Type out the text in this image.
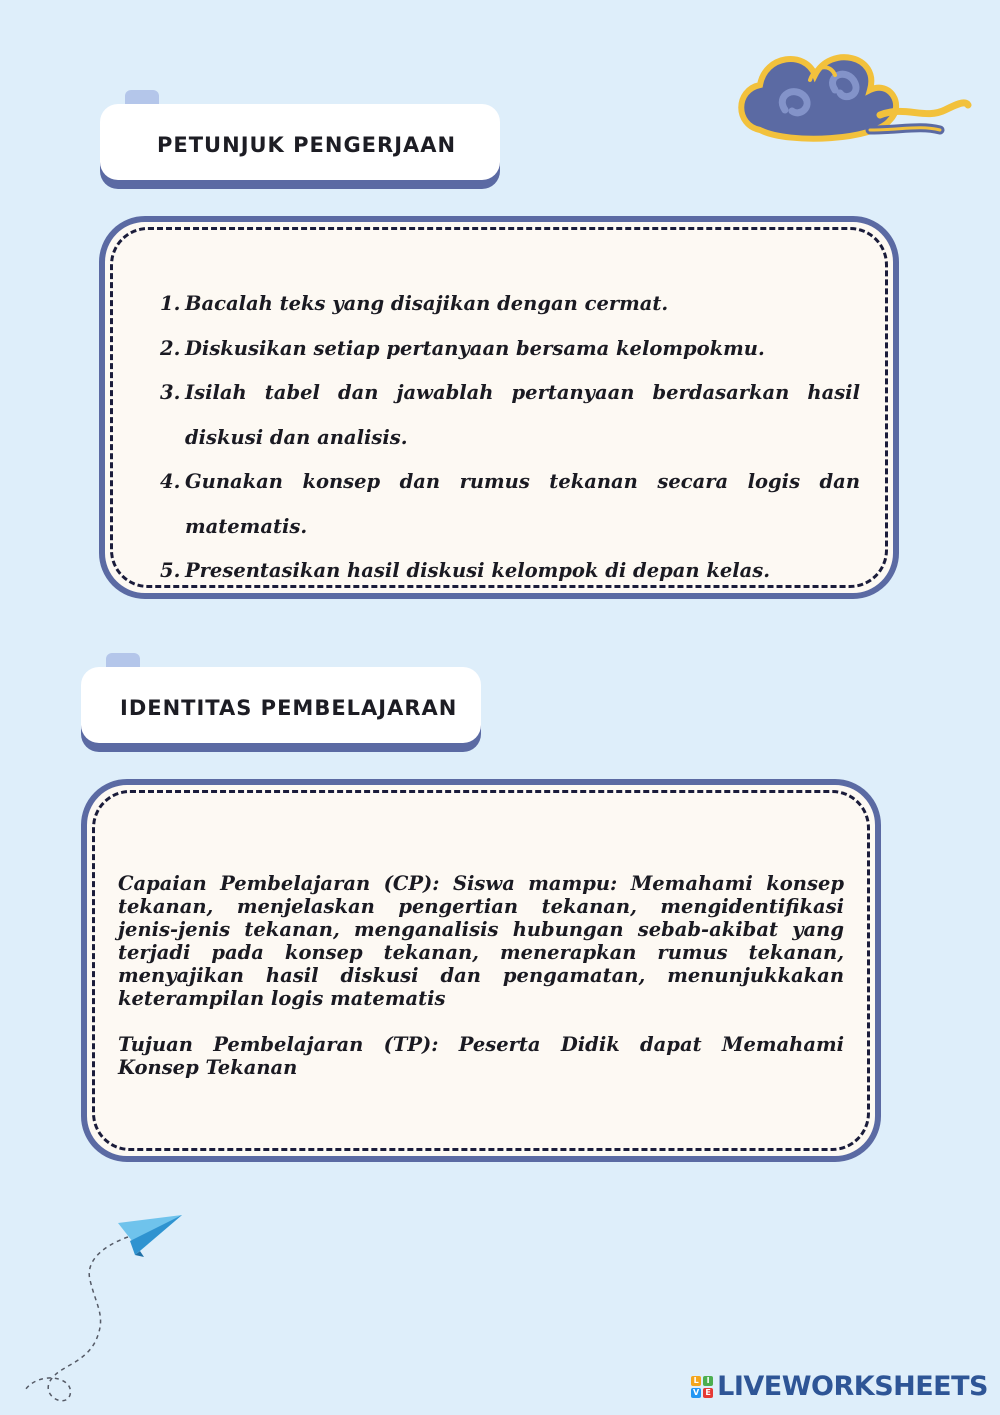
PETUNJUK PENGERJAAN
1. Bacalah teks yang disajikan dengan cermat.
2. Diskusikan setiap pertanyaan bersama kelompokmu.
3. Isilah tabel dan jawablah pertanyaan berdasarkan hasil diskusi dan analisis.
4. Gunakan konsep dan rumus tekanan secara logis dan matematis.
5. Presentasikan hasil diskusi kelompok di depan kelas.
IDENTITAS PEMBELAJARAN

Capaian Pembelajaran (CP): Siswa mampu: Memahami konsep tekanan, menjelaskan pengertian tekanan, mengidentifikasi jenis-jenis tekanan, menganalisis hubungan sebab-akibat yang terjadi pada konsep tekanan, menerapkan rumus tekanan, menyajikan hasil diskusi dan pengamatan, menunjukkakan keterampilan logis matematis

Tujuan Pembelajaran (TP): Peserta Didik dapat Memahami Konsep Tekanan

L I
V E LIVEWORKSHEETS
